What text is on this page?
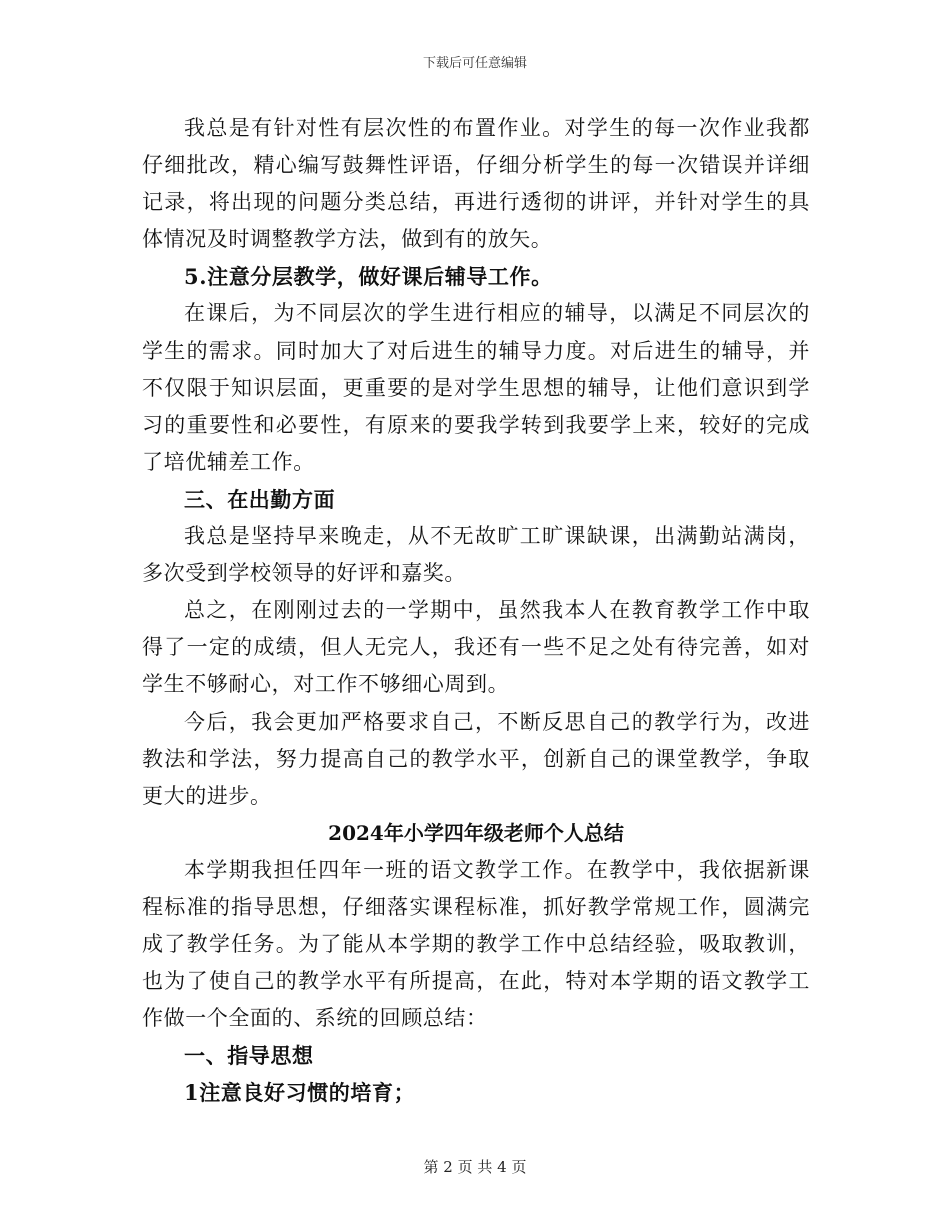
下载后可任意编辑

我总是有针对性有层次性的布置作业。对学生的每一次作业我都仔细批改，精心编写鼓舞性评语，仔细分析学生的每一次错误并详细记录，将出现的问题分类总结，再进行透彻的讲评，并针对学生的具体情况及时调整教学方法，做到有的放矢。

5.注意分层教学，做好课后辅导工作。

在课后，为不同层次的学生进行相应的辅导，以满足不同层次的学生的需求。同时加大了对后进生的辅导力度。对后进生的辅导，并不仅限于知识层面，更重要的是对学生思想的辅导，让他们意识到学习的重要性和必要性，有原来的要我学转到我要学上来，较好的完成了培优辅差工作。

三、在出勤方面

我总是坚持早来晚走，从不无故旷工旷课缺课，出满勤站满岗，多次受到学校领导的好评和嘉奖。

总之，在刚刚过去的一学期中，虽然我本人在教育教学工作中取得了一定的成绩，但人无完人，我还有一些不足之处有待完善，如对学生不够耐心，对工作不够细心周到。

今后，我会更加严格要求自己，不断反思自己的教学行为，改进教法和学法，努力提高自己的教学水平，创新自己的课堂教学，争取更大的进步。

2024年小学四年级老师个人总结

本学期我担任四年一班的语文教学工作。在教学中，我依据新课程标准的指导思想，仔细落实课程标准，抓好教学常规工作，圆满完成了教学任务。为了能从本学期的教学工作中总结经验，吸取教训，也为了使自己的教学水平有所提高，在此，特对本学期的语文教学工作做一个全面的、系统的回顾总结：

一、指导思想

1注意良好习惯的培育；

第 2 页 共 4 页
